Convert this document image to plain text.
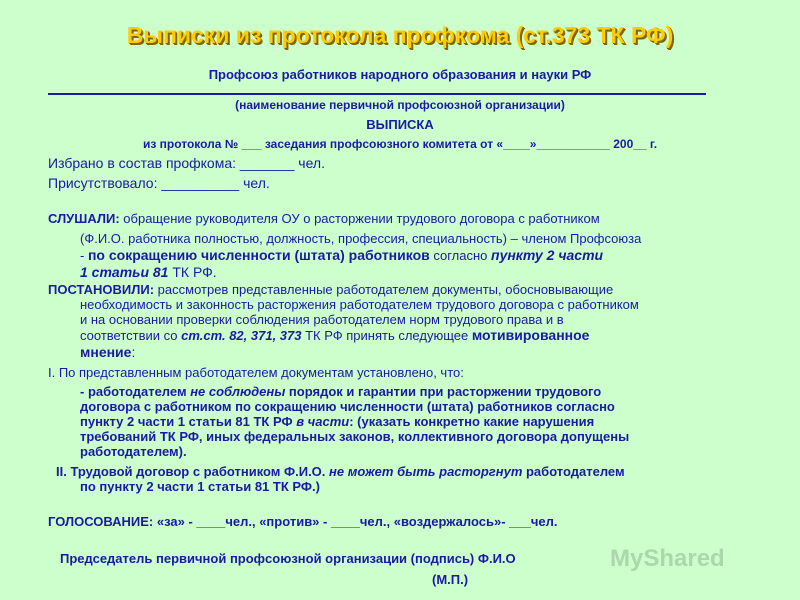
Выписки из протокола профкома (ст.373 ТК РФ)
Профсоюз работников народного образования и науки РФ
(наименование первичной профсоюзной организации)
ВЫПИСКА
из протокола № ___ заседания профсоюзного комитета от «____»___________ 200__ г.
Избрано в состав профкома: _______ чел.
Присутствовало: __________ чел.
СЛУШАЛИ: обращение руководителя ОУ о расторжении трудового договора с работником
(Ф.И.О. работника полностью, должность, профессия, специальность) – членом Профсоюза
- по сокращению численности (штата) работников согласно пункту 2 части
1 статьи 81 ТК РФ.
ПОСТАНОВИЛИ: рассмотрев представленные работодателем документы, обосновывающие
необходимость и законность расторжения работодателем трудового договора с работником
и на основании проверки соблюдения работодателем норм трудового права и в
соответствии со ст.ст. 82, 371, 373 ТК РФ принять следующее мотивированное
мнение:
I. По представленным работодателем документам установлено, что:
- работодателем не соблюдены порядок и гарантии при расторжении трудового
договора с работником по сокращению численности (штата) работников согласно
пункту 2 части 1 статьи 81 ТК РФ в части: (указать конкретно какие нарушения
требований ТК РФ, иных федеральных законов, коллективного договора допущены
работодателем).
II. Трудовой договор с работником Ф.И.О. не может быть расторгнут работодателем
по пункту 2 части 1 статьи 81 ТК РФ.)
ГОЛОСОВАНИЕ: «за» - ____чел., «против» - ____чел., «воздержалось»- ___чел.
Председатель первичной профсоюзной организации (подпись) Ф.И.О
(М.П.)
MyShared
